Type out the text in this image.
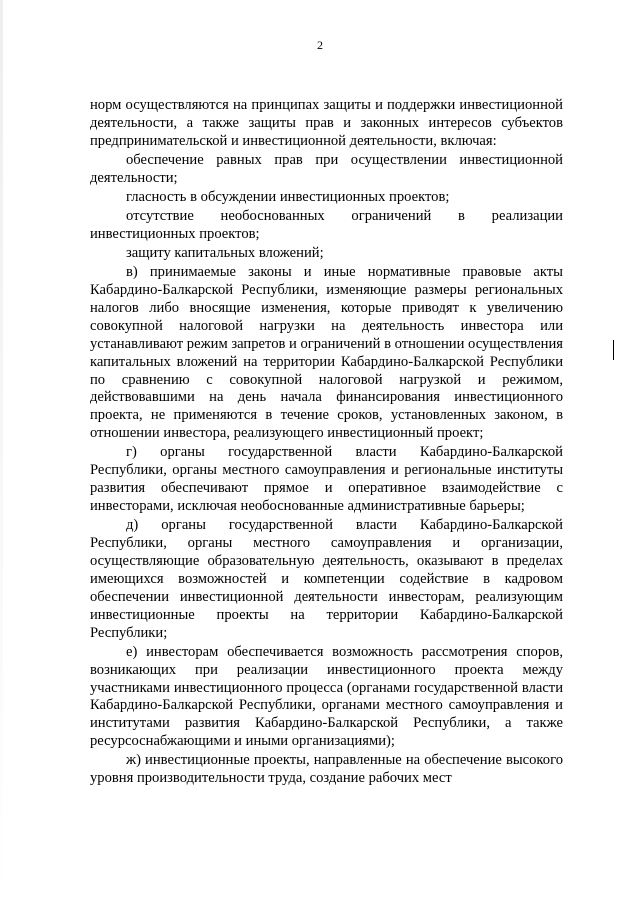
2

норм осуществляются на принципах защиты и поддержки инвестиционной деятельности, а также защиты прав и законных интересов субъектов предпринимательской и инвестиционной деятельности, включая:

обеспечение равных прав при осуществлении инвестиционной деятельности;

гласность в обсуждении инвестиционных проектов;

отсутствие необоснованных ограничений в реализации инвестиционных проектов;

защиту капитальных вложений;

в) принимаемые законы и иные нормативные правовые акты Кабардино-Балкарской Республики, изменяющие размеры региональных налогов либо вносящие изменения, которые приводят к увеличению совокупной налоговой нагрузки на деятельность инвестора или устанавливают режим запретов и ограничений в отношении осуществления капитальных вложений на территории Кабардино-Балкарской Республики по сравнению с совокупной налоговой нагрузкой и режимом, действовавшими на день начала финансирования инвестиционного проекта, не применяются в течение сроков, установленных законом, в отношении инвестора, реализующего инвестиционный проект;

г) органы государственной власти Кабардино-Балкарской Республики, органы местного самоуправления и региональные институты развития обеспечивают прямое и оперативное взаимодействие с инвесторами, исключая необоснованные административные барьеры;

д) органы государственной власти Кабардино-Балкарской Республики, органы местного самоуправления и организации, осуществляющие образовательную деятельность, оказывают в пределах имеющихся возможностей и компетенции содействие в кадровом обеспечении инвестиционной деятельности инвесторам, реализующим инвестиционные проекты на территории Кабардино-Балкарской Республики;

е) инвесторам обеспечивается возможность рассмотрения споров, возникающих при реализации инвестиционного проекта между участниками инвестиционного процесса (органами государственной власти Кабардино-Балкарской Республики, органами местного самоуправления и институтами развития Кабардино-Балкарской Республики, а также ресурсоснабжающими и иными организациями);

ж) инвестиционные проекты, направленные на обеспечение высокого уровня производительности труда, создание рабочих мест
